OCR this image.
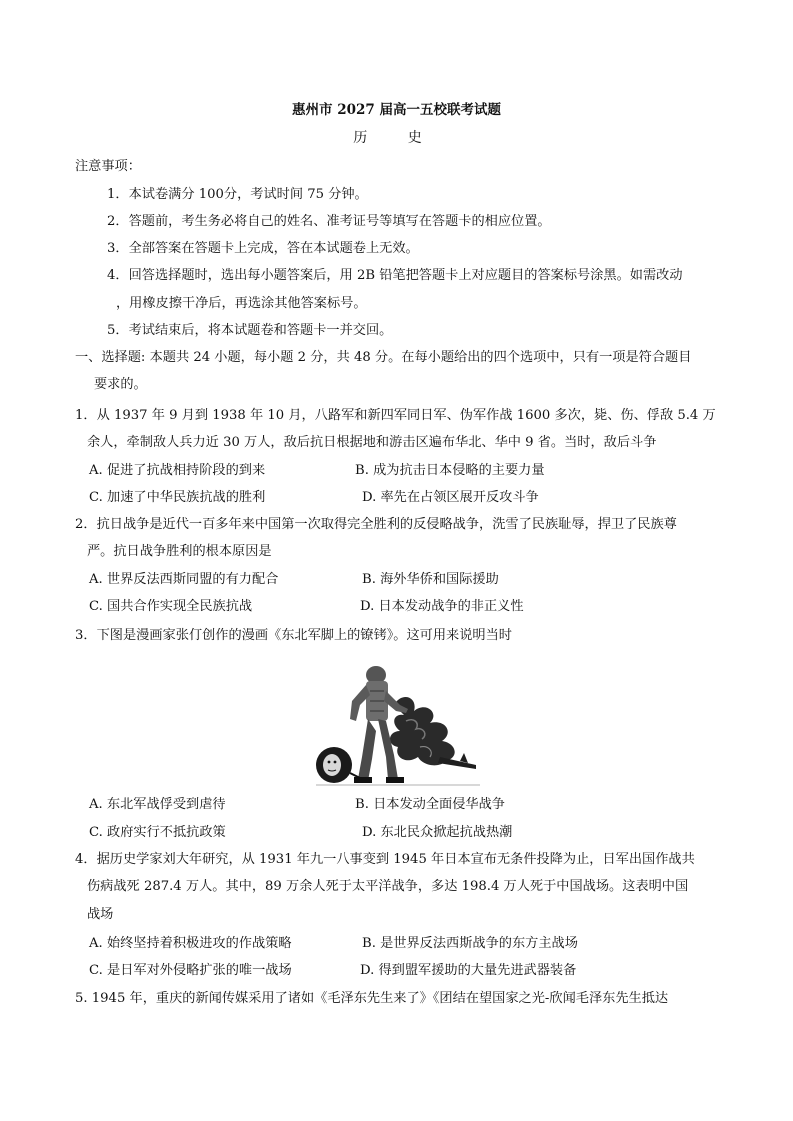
惠州市 2027 届高一五校联考试题
历 史
注意事项：
1．本试卷满分 100分，考试时间 75 分钟。
2．答题前，考生务必将自己的姓名、准考证号等填写在答题卡的相应位置。
3．全部答案在答题卡上完成，答在本试题卷上无效。
4．回答选择题时，选出每小题答案后，用 2B 铅笔把答题卡上对应题目的答案标号涂黑。如需改动
，用橡皮擦干净后，再选涂其他答案标号。
5．考试结束后，将本试题卷和答题卡一并交回。
一、选择题: 本题共 24 小题，每小题 2 分，共 48 分。在每小题给出的四个选项中，只有一项是符合题目
要求的。
1．从 1937 年 9 月到 1938 年 10 月，八路军和新四军同日军、伪军作战 1600 多次，毙、伤、俘敌 5.4 万
余人，牵制敌人兵力近 30 万人，敌后抗日根据地和游击区遍布华北、华中 9 省。当时，敌后斗争
A. 促进了抗战相持阶段的到来	B. 成为抗击日本侵略的主要力量
C. 加速了中华民族抗战的胜利	D. 率先在占领区展开反攻斗争
2．抗日战争是近代一百多年来中国第一次取得完全胜利的反侵略战争，洗雪了民族耻辱，捍卫了民族尊
严。抗日战争胜利的根本原因是
A. 世界反法西斯同盟的有力配合	B. 海外华侨和国际援助
C. 国共合作实现全民族抗战	D. 日本发动战争的非正义性
3．下图是漫画家张仃创作的漫画《东北军脚上的镣铐》。这可用来说明当时
A. 东北军战俘受到虐待	B. 日本发动全面侵华战争
C. 政府实行不抵抗政策	D. 东北民众掀起抗战热潮
4．据历史学家刘大年研究，从 1931 年九一八事变到 1945 年日本宣布无条件投降为止，日军出国作战共
伤病战死 287.4 万人。其中，89 万余人死于太平洋战争，多达 198.4 万人死于中国战场。这表明中国
战场
A. 始终坚持着积极进攻的作战策略	B. 是世界反法西斯战争的东方主战场
C. 是日军对外侵略扩张的唯一战场	D. 得到盟军援助的大量先进武器装备
5. 1945 年，重庆的新闻传媒采用了诸如《毛泽东先生来了》《团结在望国家之光-欣闻毛泽东先生抵达
